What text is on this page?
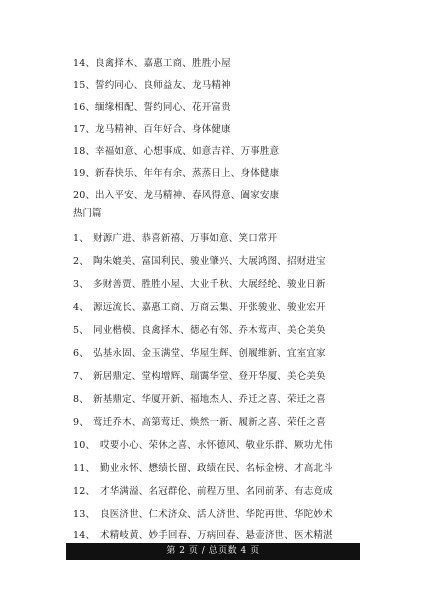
14、良禽择木、嘉惠工商、胜胜小屋
15、誓约同心、良师益友、龙马精神
16、缅缘相配、誓约同心、花开富贵
17、龙马精神、百年好合、身体健康
18、幸福如意、心想事成、如意吉祥、万事胜意
19、新春快乐、年年有余、蒸蒸日上、身体健康
20、出入平安、龙马精神、春风得意、阖家安康
热门篇
1、 财源广进、恭喜新禧、万事如意、笑口常开
2、 陶朱媲美、富国利民、骏业肇兴、大展鸿图、招财进宝
3、 多财善贾、胜胜小屋、大业千秋、大展经纶、骏业日新
4、 源远流长、嘉惠工商、万商云集、开张骏业、骏业宏开
5、 同业楷模、良禽择木、德必有邻、乔木莺声、美仑美奂
6、 弘基永固、金玉满堂、华屋生辉、创履维新、宜室宜家
7、 新居鼎定、堂构增辉、瑞霭华堂、登开华厦、美仑美奂
8、 新基鼎定、华厦开新、福地杰人、乔迁之喜、荣迁之喜
9、 莺迁乔木、高第莺迁、焕然一新、履新之喜、荣任之喜
10、 哎要小心、荣休之喜、永怀德风、敬业乐群、厥功尤伟
11、 勤业永怀、懋绩长留、政绩在民、名标金榜、才高北斗
12、 才华满溢、名冠群伦、前程万里、名同前茅、有志竟成
13、 良医济世、仁术济众、活人济世、华陀再世、华陀妙术
14、 术精岐黄、妙手回春、万病回春、悬壶济世、医术精湛
第 2 页 / 总页数 4 页
